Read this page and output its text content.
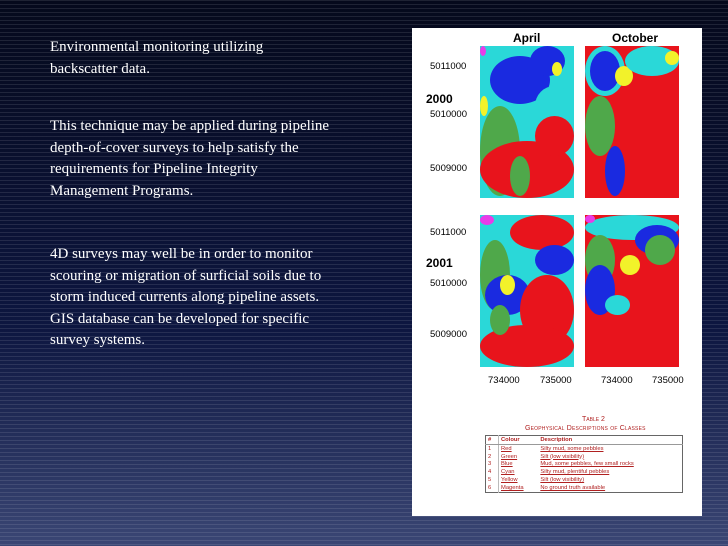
Environmental monitoring utilizing backscatter data.
This technique may be applied during pipeline depth-of-cover surveys to help satisfy the requirements for Pipeline Integrity Management Programs.
4D surveys may well be in order to monitor scouring or migration of surficial soils due to storm induced currents along pipeline assets. GIS database can be developed for specific survey systems.
April	October
5011000
5010000
5009000
2000
5011000
5010000
5009000
2001
734000 735000	734000 735000
Table 2
Geophysical Descriptions of Classes
#	Colour	Description
1	Red	Silty mud, some pebbles
2	Green	Silt (low visibility)
3	Blue	Mud, some pebbles, few small rocks
4	Cyan	Silty mud, plentiful pebbles
5	Yellow	Silt (low visibility)
6	Magenta	No ground truth available
